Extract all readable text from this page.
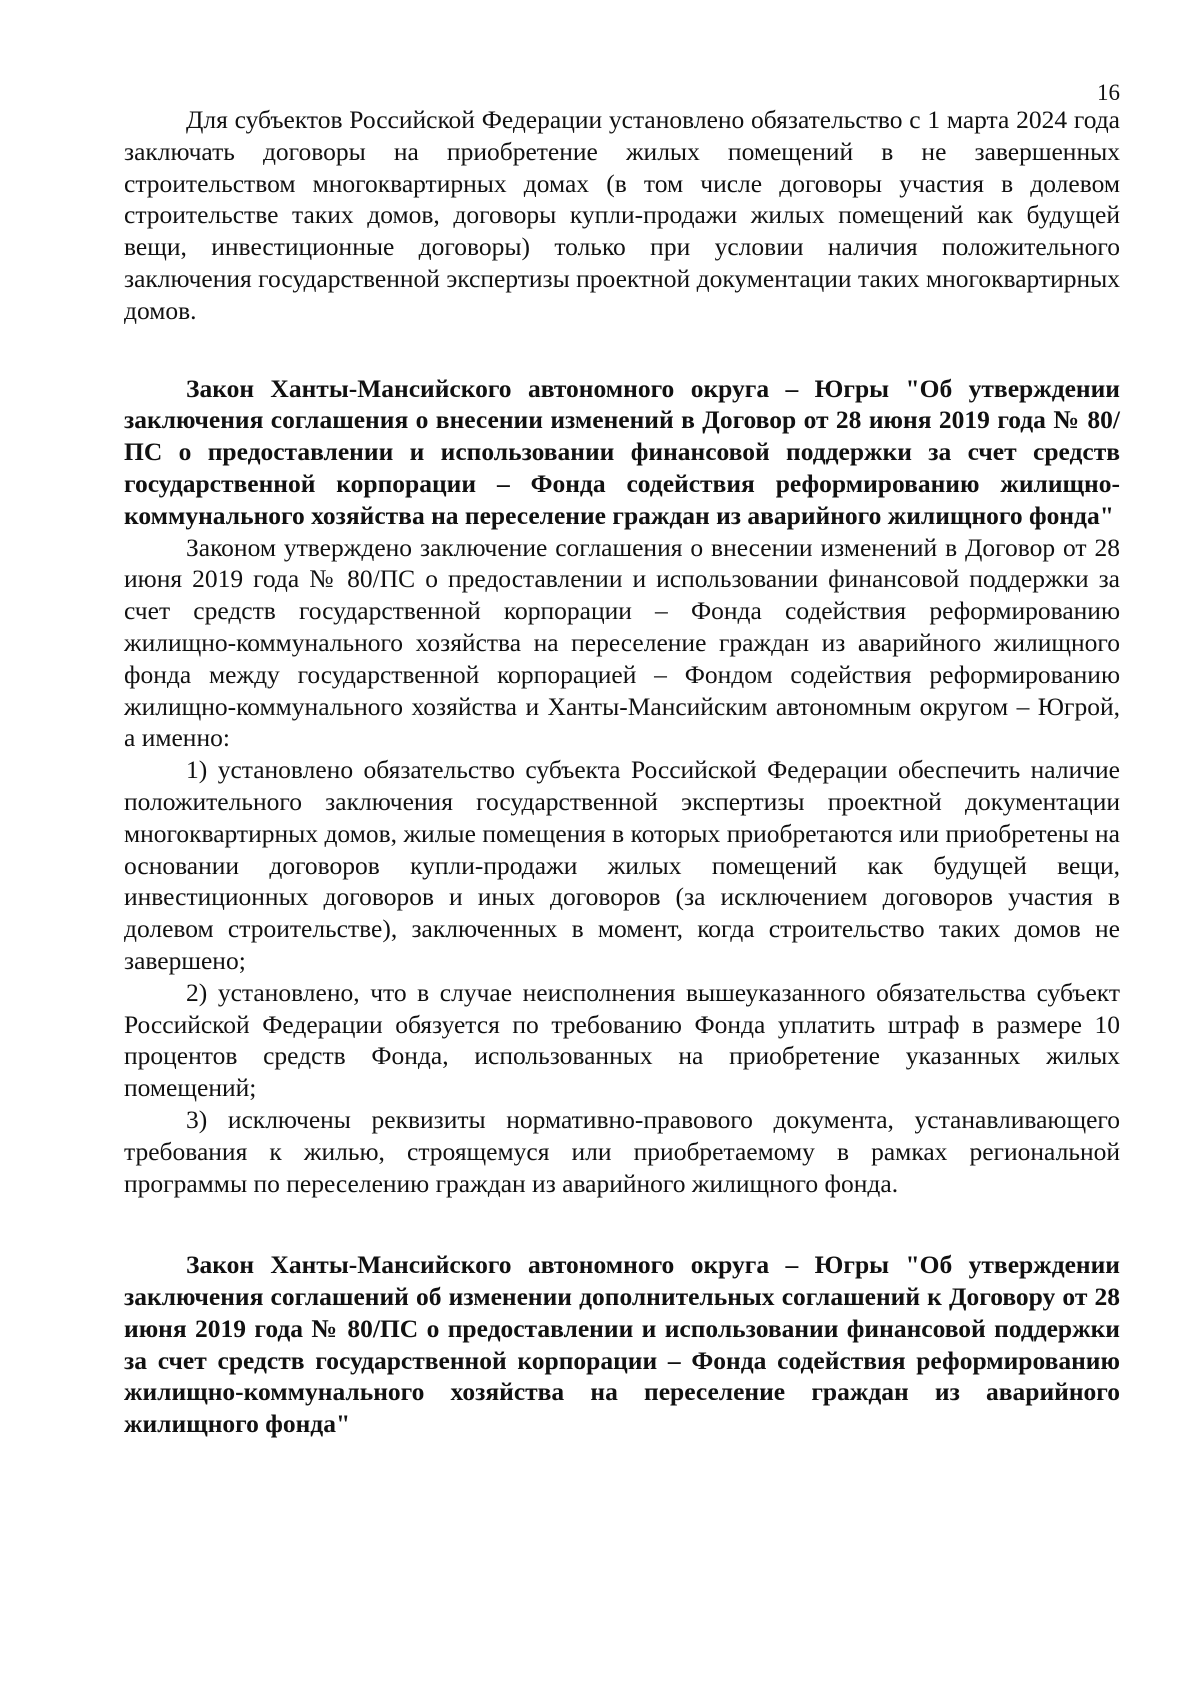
16

Для субъектов Российской Федерации установлено обязательство с 1 марта 2024 года заключать договоры на приобретение жилых помещений в не завершенных строительством многоквартирных домах (в том числе договоры участия в долевом строительстве таких домов, договоры купли-продажи жилых помещений как будущей вещи, инвестиционные договоры) только при условии наличия положительного заключения государственной экспертизы проектной документации таких многоквартирных домов.

Закон Ханты-Мансийского автономного округа – Югры "Об утверждении заключения соглашения о внесении изменений в Договор от 28 июня 2019 года № 80/ПС о предоставлении и использовании финансовой поддержки за счет средств государственной корпорации – Фонда содействия реформированию жилищно-коммунального хозяйства на переселение граждан из аварийного жилищного фонда"

Законом утверждено заключение соглашения о внесении изменений в Договор от 28 июня 2019 года № 80/ПС о предоставлении и использовании финансовой поддержки за счет средств государственной корпорации – Фонда содействия реформированию жилищно-коммунального хозяйства на переселение граждан из аварийного жилищного фонда между государственной корпорацией – Фондом содействия реформированию жилищно-коммунального хозяйства и Ханты-Мансийским автономным округом – Югрой, а именно:

1) установлено обязательство субъекта Российской Федерации обеспечить наличие положительного заключения государственной экспертизы проектной документации многоквартирных домов, жилые помещения в которых приобретаются или приобретены на основании договоров купли-продажи жилых помещений как будущей вещи, инвестиционных договоров и иных договоров (за исключением договоров участия в долевом строительстве), заключенных в момент, когда строительство таких домов не завершено;

2) установлено, что в случае неисполнения вышеуказанного обязательства субъект Российской Федерации обязуется по требованию Фонда уплатить штраф в размере 10 процентов средств Фонда, использованных на приобретение указанных жилых помещений;

3) исключены реквизиты нормативно-правового документа, устанавливающего требования к жилью, строящемуся или приобретаемому в рамках региональной программы по переселению граждан из аварийного жилищного фонда.

Закон Ханты-Мансийского автономного округа – Югры "Об утверждении заключения соглашений об изменении дополнительных соглашений к Договору от 28 июня 2019 года № 80/ПС о предоставлении и использовании финансовой поддержки за счет средств государственной корпорации – Фонда содействия реформированию жилищно-коммунального хозяйства на переселение граждан из аварийного жилищного фонда"
